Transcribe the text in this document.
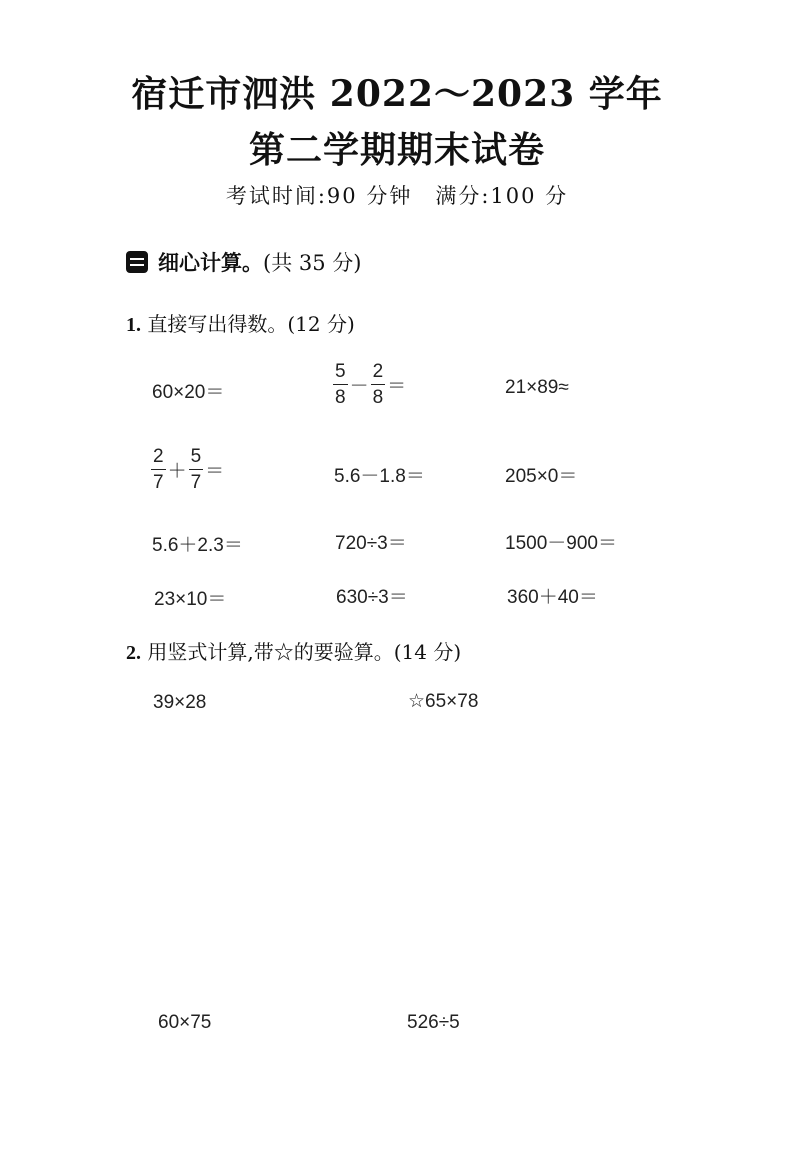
宿迁市泗洪 2022～2023 学年
第二学期期末试卷
考试时间:90 分钟　满分:100 分
细心计算。 (共 35 分)
1. 直接写出得数。(12 分)
60×20＝	$\frac{5}{8} - \frac{2}{8}$ ＝	21×89≈
$\frac{2}{7} + \frac{5}{7}$ ＝	5.6－1.8＝	205×0＝
5.6＋2.3＝	720÷3＝	1500－900＝
23×10＝	630÷3＝	360＋40＝
2. 用竖式计算,带☆的要验算。(14 分)
39×28	☆65×78
60×75	526÷5
